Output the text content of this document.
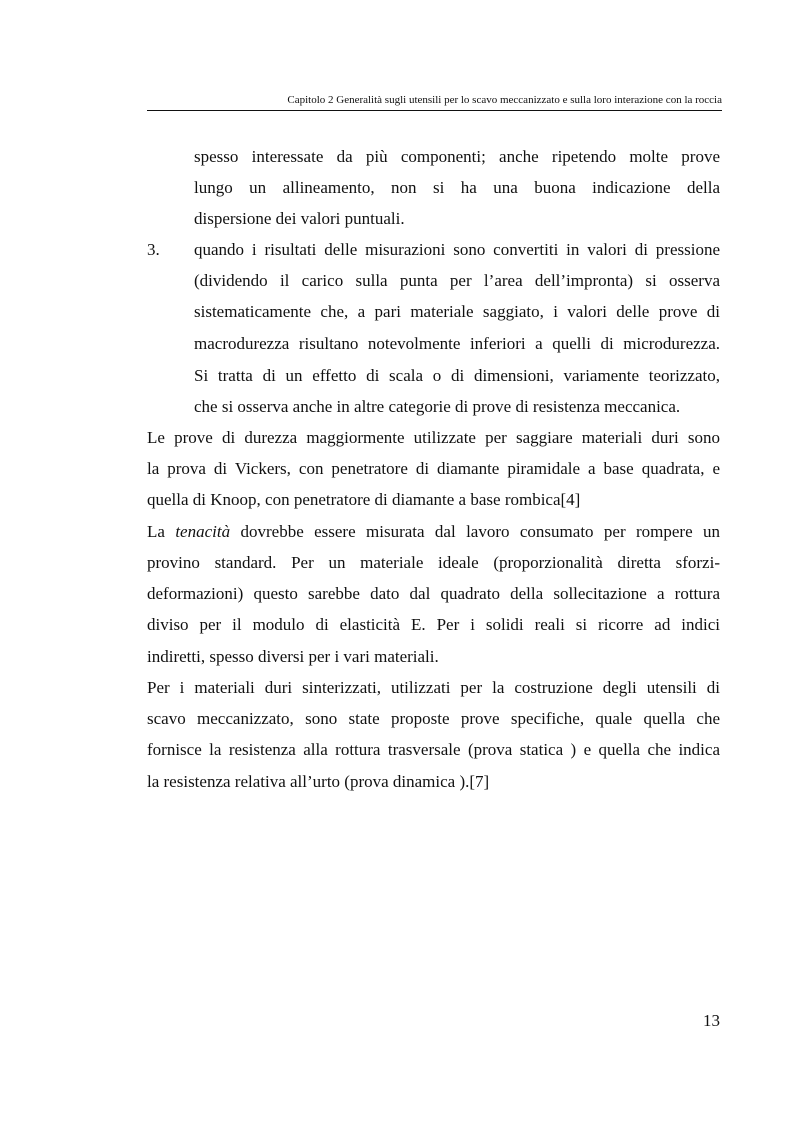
Capitolo 2 Generalità sugli utensili per lo scavo meccanizzato e sulla loro interazione con la roccia
spesso interessate da più componenti; anche ripetendo molte prove
lungo un allineamento, non si ha una buona indicazione della
dispersione dei valori puntuali.
3. quando i risultati delle misurazioni sono convertiti in valori di pressione
(dividendo il carico sulla punta per l’area dell’impronta) si osserva
sistematicamente che, a pari materiale saggiato, i valori delle prove di
macrodurezza risultano notevolmente inferiori a quelli di microdurezza.
Si tratta di un effetto di scala o di dimensioni, variamente teorizzato,
che si osserva anche in altre categorie di prove di resistenza meccanica.
Le prove di durezza maggiormente utilizzate per saggiare materiali duri sono
la prova di Vickers, con penetratore di diamante piramidale a base quadrata, e
quella di Knoop, con penetratore di diamante a base rombica[4]
La tenacità dovrebbe essere misurata dal lavoro consumato per rompere un
provino standard. Per un materiale ideale (proporzionalità diretta sforzi-
deformazioni) questo sarebbe dato dal quadrato della sollecitazione a rottura
diviso per il modulo di elasticità E. Per i solidi reali si ricorre ad indici
indiretti, spesso diversi per i vari materiali.
Per i materiali duri sinterizzati, utilizzati per la costruzione degli utensili di
scavo meccanizzato, sono state proposte prove specifiche, quale quella che
fornisce la resistenza alla rottura trasversale (prova statica ) e quella che indica
la resistenza relativa all’urto (prova dinamica ).[7]
13
